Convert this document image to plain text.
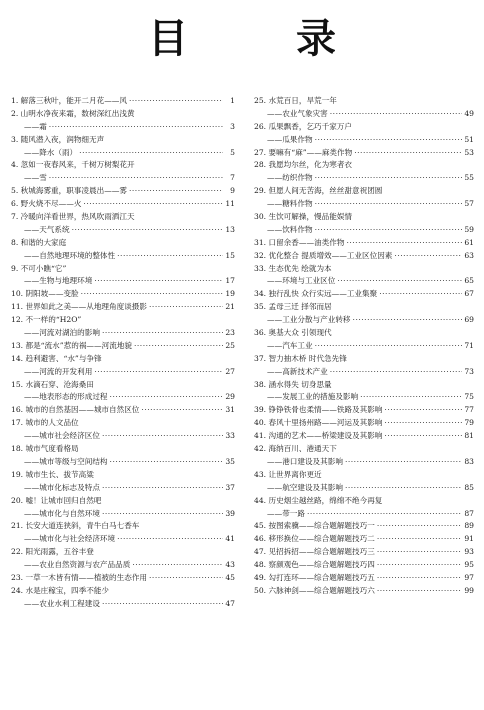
目　录
1. 解落三秋叶，能开二月花——风 ·····	1
2. 山明水净夜来霜，数树深红出浅黄
——霜 ·····	3
3. 随风潜入夜，润物细无声
——降水（雨） ·····	5
4. 忽如一夜春风来，千树万树梨花开
——雪 ·····	7
5. 秋城海雾重，职事凌晨出——雾 ·····	9
6. 野火烧不尽——火 ·····	11
7. 冷暖向洋看世界，热风吹雨洒江天
——天气系统 ·····	13
8. 和谐的大家庭
——自然地理环境的整体性 ·····	15
9. 不可小瞧“它”
——生物与地理环境 ·····	17
10. 阴阳坡——变脸 ·····	19
11. 世界如此之美——从地理角度谈摄影 ·····	21
12. 不一样的“H2O”
——河流对湖泊的影响 ·····	23
13. 都是“流水”惹的祸——河流地貌 ·····	25
14. 趋利避害、“水”与争锋
——河流的开发利用 ·····	27
15. 水滴石穿、沧海桑田
——地表形态的形成过程 ·····	29
16. 城市的自然基因——城市自然区位 ·····	31
17. 城市的人文品位
——城市社会经济区位 ·····	33
18. 城市气度看格局
——城市等级与空间结构 ·····	35
19. 城市生长、拔节高粱
——城市化标志及特点 ·····	37
20. 嘘！让城市回归自然吧
——城市化与自然环境 ·····	39
21. 长安大道连狭斜，青牛白马七香车
——城市化与社会经济环境 ·····	41
22. 阳光雨露，五谷丰登
——农业自然资源与农产品品质 ·····	43
23. 一草一木皆有情——植被的生态作用 ·····	45
24. 水是庄稼宝，四季不能少
——农业水利工程建设 ·····	47
25. 水荒百日，旱荒一年
——农业气象灾害 ·····	49
26. 瓜果飘香，乞巧千家万户
——瓜果作物 ·····	51
27. 要嘛有“麻”——麻类作物 ·····	53
28. 我愿均尔丝，化为寒者衣
——纺织作物 ·····	55
29. 但愿人间无苦海，丝丝甜意祝团圆
——糖料作物 ·····	57
30. 生饮可解操，慢品能娱情
——饮料作物 ·····	59
31. 口留余香——油类作物 ·····	61
32. 优化整合 提质增效——工业区位因素 ·····	63
33. 生态优先 绘就为本
——环境与工业区位 ·····	65
34. 独行乱快 众行实远——工业集聚 ·····	67
35. 孟母三迁 择邻而居
——工业分散与产业转移 ·····	69
36. 奥基大众 引领现代
——汽车工业 ·····	71
37. 智力抽木桥 时代急先锋
——高新技术产业 ·····	73
38. 涵水得失 切身思量
——发展工业的措施及影响 ·····	75
39. 铮铮铁骨也柔情——铁路及其影响 ·····	77
40. 春风十里扬州路——河运及其影响 ·····	79
41. 沟通的艺术——桥梁建设及其影响 ·····	81
42. 海纳百川、港通天下
——港口建设及其影响 ·····	83
43. 让世界离你更近
——航空建设及其影响 ·····	85
44. 历史烟尘越丝路，绵绵不绝今再复
——带一路 ·····	87
45. 按图索骥——综合题解题技巧一 ·····	89
46. 移形换位——综合题解题技巧二 ·····	91
47. 见招拆招——综合题解题技巧三 ·····	93
48. 察颜观色——综合题解题技巧四 ·····	95
49. 勾打连环——综合题解题技巧五 ·····	97
50. 六脉神剑——综合题解题技巧六 ·····	99
